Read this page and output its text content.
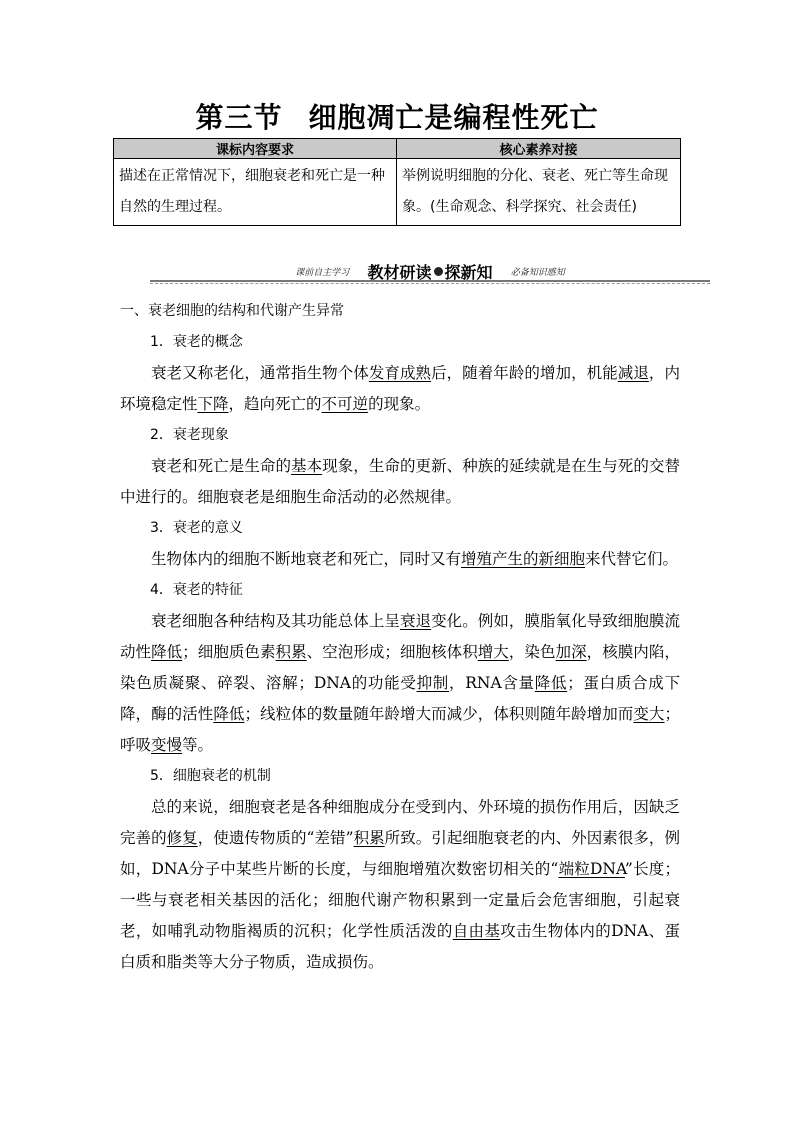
第三节 细胞凋亡是编程性死亡
课标内容要求	核心素养对接
描述在正常情况下，细胞衰老和死亡是一种自然的生理过程。	举例说明细胞的分化、衰老、死亡等生命现象。(生命观念、科学探究、社会责任)
课前自主学习 教材研读 探新知 必备知识感知

一、衰老细胞的结构和代谢产生异常

1．衰老的概念

衰老又称老化，通常指生物个体发育成熟后，随着年龄的增加，机能减退，内环境稳定性下降，趋向死亡的不可逆的现象。

2．衰老现象

衰老和死亡是生命的基本现象，生命的更新、种族的延续就是在生与死的交替中进行的。细胞衰老是细胞生命活动的必然规律。

3．衰老的意义

生物体内的细胞不断地衰老和死亡，同时又有增殖产生的新细胞来代替它们。

4．衰老的特征

衰老细胞各种结构及其功能总体上呈衰退变化。例如，膜脂氧化导致细胞膜流动性降低；细胞质色素积累、空泡形成；细胞核体积增大，染色加深，核膜内陷，染色质凝聚、碎裂、溶解；DNA的功能受抑制，RNA含量降低；蛋白质合成下降，酶的活性降低；线粒体的数量随年龄增大而减少，体积则随年龄增加而变大；呼吸变慢等。

5．细胞衰老的机制

总的来说，细胞衰老是各种细胞成分在受到内、外环境的损伤作用后，因缺乏完善的修复，使遗传物质的“差错”积累所致。引起细胞衰老的内、外因素很多，例如，DNA分子中某些片断的长度，与细胞增殖次数密切相关的“端粒DNA”长度；一些与衰老相关基因的活化；细胞代谢产物积累到一定量后会危害细胞，引起衰老，如哺乳动物脂褐质的沉积；化学性质活泼的自由基攻击生物体内的DNA、蛋白质和脂类等大分子物质，造成损伤。
